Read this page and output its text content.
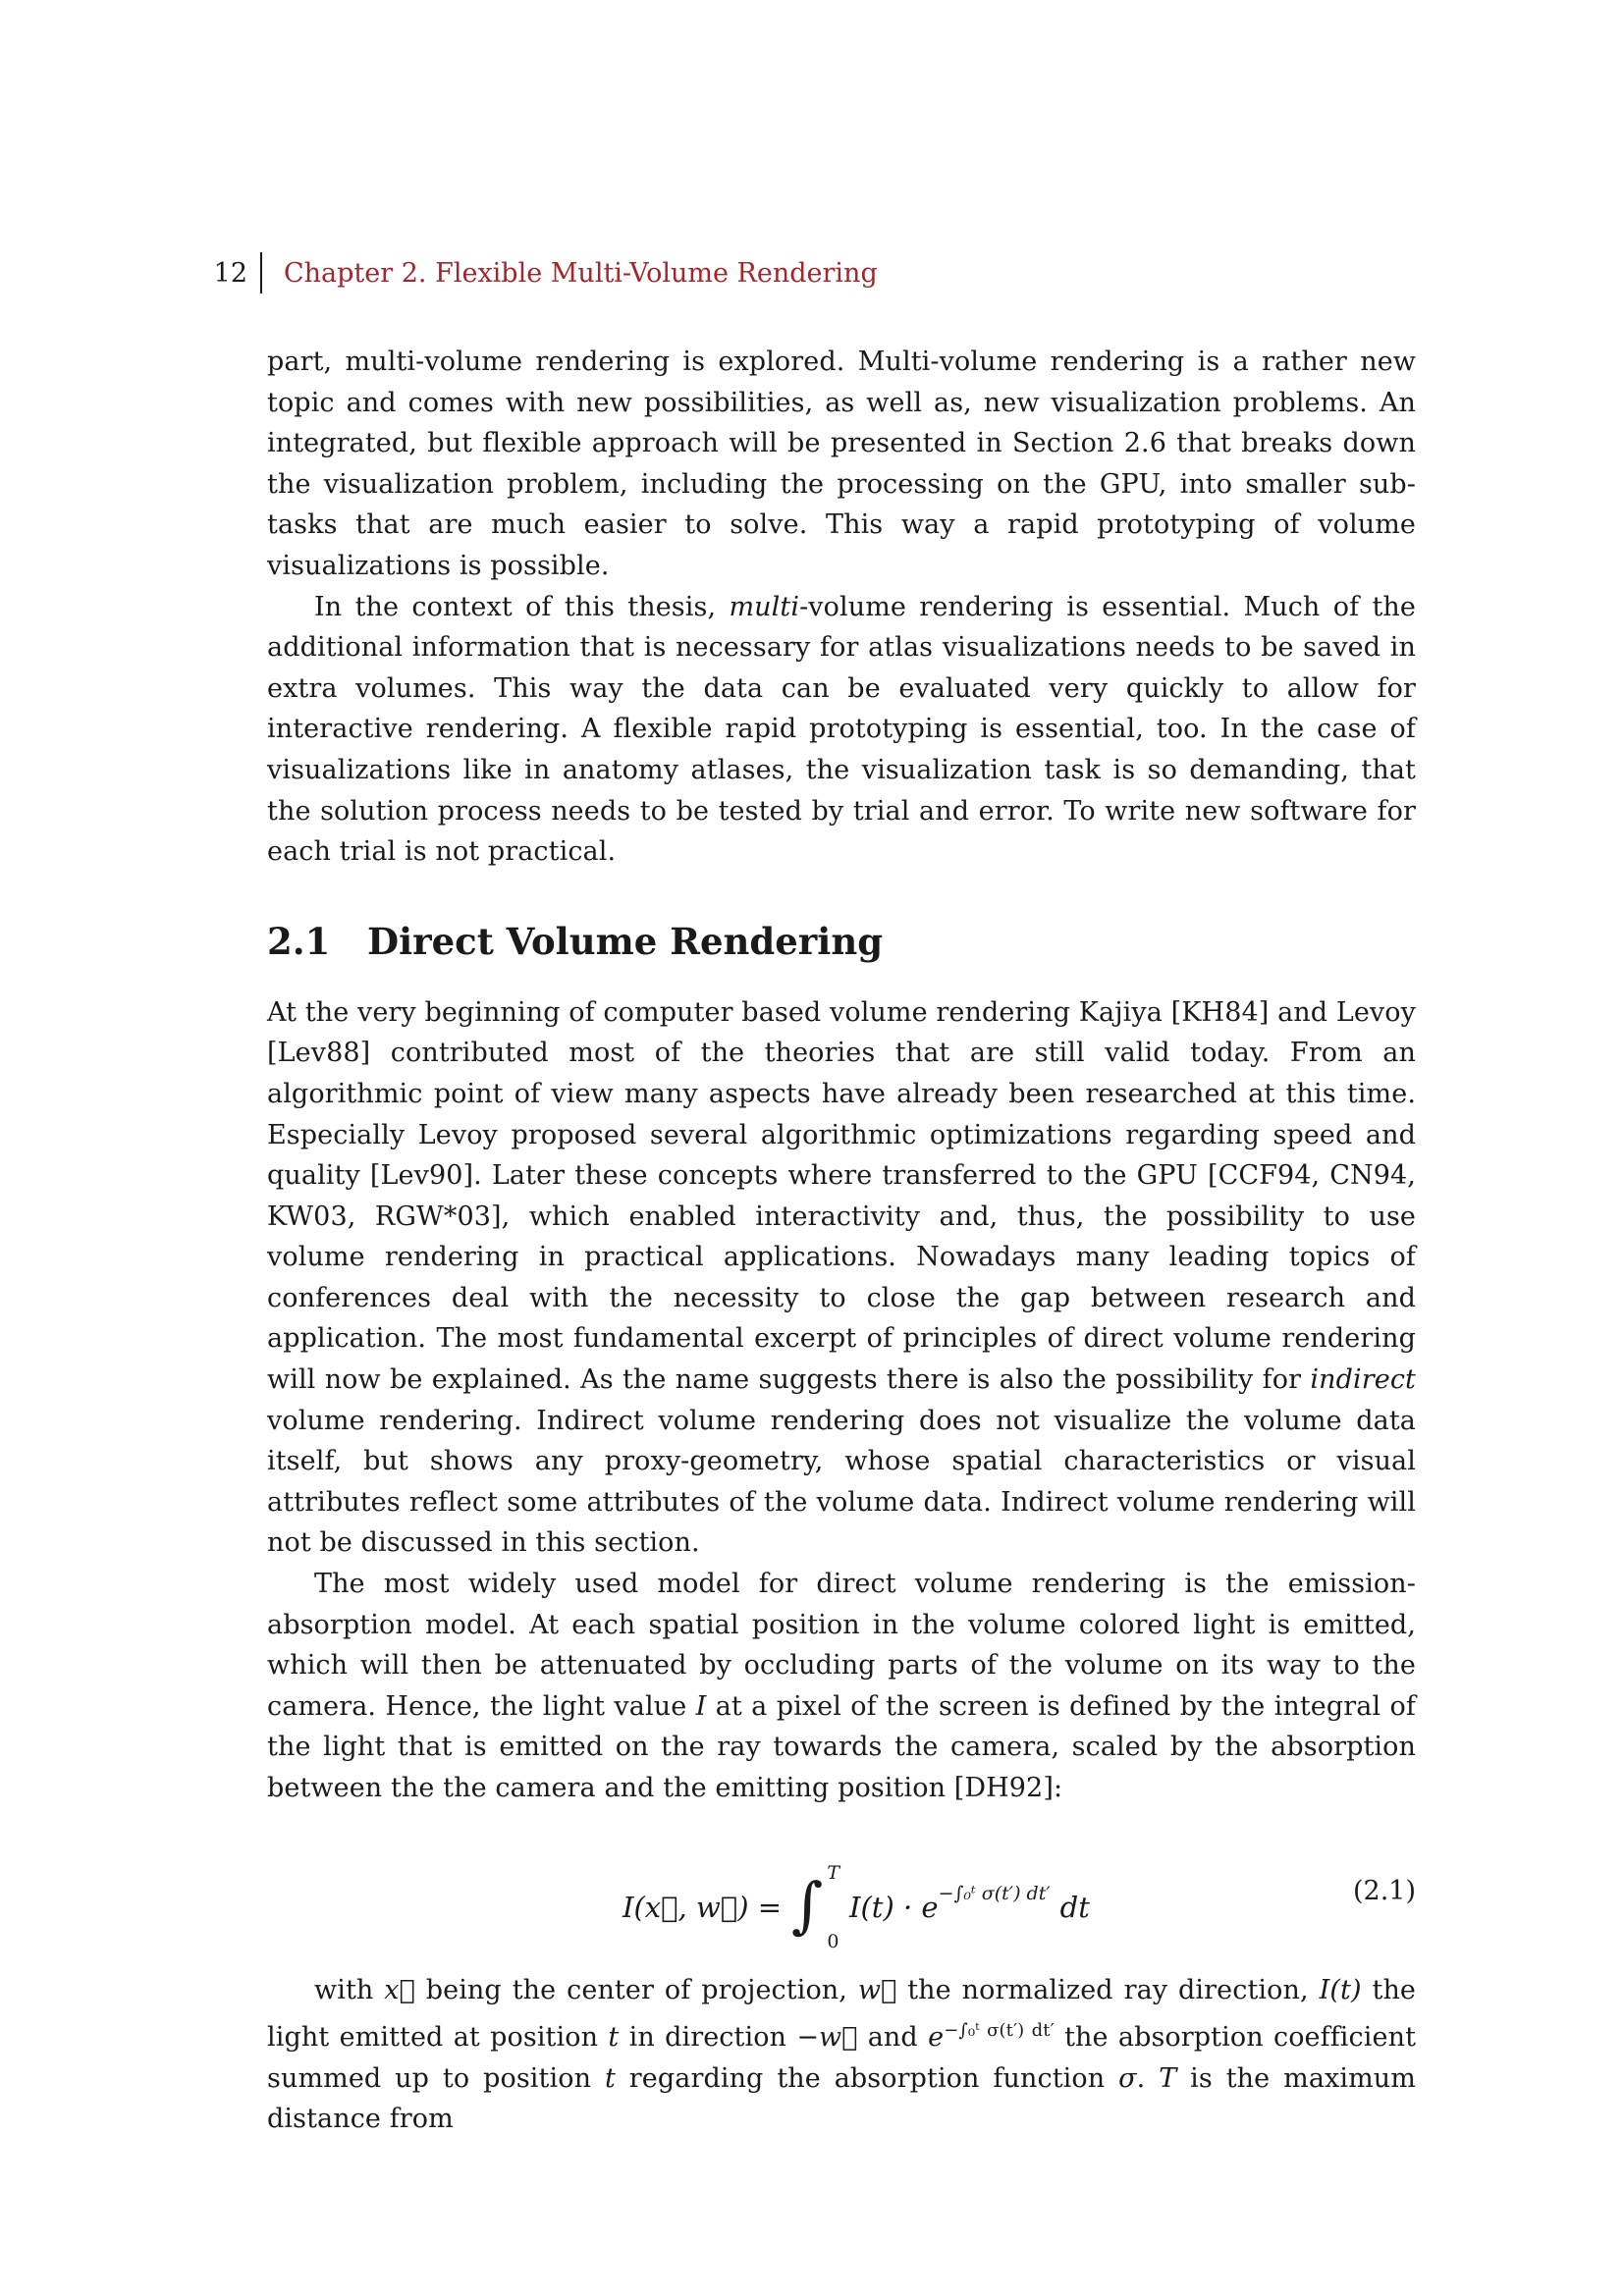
12	Chapter 2. Flexible Multi-Volume Rendering

part, multi-volume rendering is explored. Multi-volume rendering is a rather new topic and comes with new possibilities, as well as, new visualization problems. An integrated, but flexible approach will be presented in Section 2.6 that breaks down the visualization problem, including the processing on the GPU, into smaller sub-tasks that are much easier to solve. This way a rapid prototyping of volume visualizations is possible.

In the context of this thesis, multi-volume rendering is essential. Much of the additional information that is necessary for atlas visualizations needs to be saved in extra volumes. This way the data can be evaluated very quickly to allow for interactive rendering. A flexible rapid prototyping is essential, too. In the case of visualizations like in anatomy atlases, the visualization task is so demanding, that the solution process needs to be tested by trial and error. To write new software for each trial is not practical.

2.1	Direct Volume Rendering

At the very beginning of computer based volume rendering Kajiya [KH84] and Levoy [Lev88] contributed most of the theories that are still valid today. From an algorithmic point of view many aspects have already been researched at this time. Especially Levoy proposed several algorithmic optimizations regarding speed and quality [Lev90]. Later these concepts where transferred to the GPU [CCF94, CN94, KW03, RGW*03], which enabled interactivity and, thus, the possibility to use volume rendering in practical applications. Nowadays many leading topics of conferences deal with the necessity to close the gap between research and application. The most fundamental excerpt of principles of direct volume rendering will now be explained. As the name suggests there is also the possibility for indirect volume rendering. Indirect volume rendering does not visualize the volume data itself, but shows any proxy-geometry, whose spatial characteristics or visual attributes reflect some attributes of the volume data. Indirect volume rendering will not be discussed in this section.

The most widely used model for direct volume rendering is the emission-absorption model. At each spatial position in the volume colored light is emitted, which will then be attenuated by occluding parts of the volume on its way to the camera. Hence, the light value I at a pixel of the screen is defined by the integral of the light that is emitted on the ray towards the camera, scaled by the absorption between the the camera and the emitting position [DH92]:

I(x⃗, w⃗) = ∫ T
0
I(t) · e −∫₀ᵗ σ(t′) dt′ dt	(2.1)

with x⃗ being the center of projection, w⃗ the normalized ray direction, I(t) the light emitted at position t in direction −w⃗ and $e^{-\int_0ᵗ \sigma(t') dt'}$ the absorption coefficient summed up to position t regarding the absorption function σ. T is the maximum distance from
